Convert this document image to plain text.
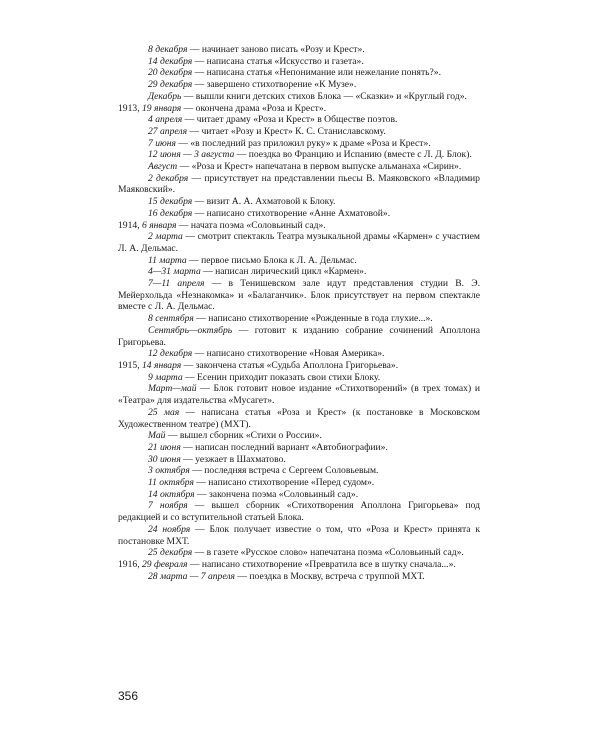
8 декабря — начинает заново писать «Розу и Крест».

14 декабря — написана статья «Искусство и газета».

20 декабря — написана статья «Непонимание или нежелание понять?».

29 декабря — завершено стихотворение «К Музе».

Декабрь — вышли книги детских стихов Блока — «Сказки» и «Круглый год».

1913, 19 января — окончена драма «Роза и Крест».

4 апреля — читает драму «Роза и Крест» в Обществе поэтов.

27 апреля — читает «Розу и Крест» К. С. Станиславскому.

7 июня — «в последний раз приложил руку» к драме «Роза и Крест».

12 июня — 3 августа — поездка во Францию и Испанию (вместе с Л. Д. Блок).

Август — «Роза и Крест» напечатана в первом выпуске альманаха «Сирин».

2 декабря — присутствует на представлении пьесы В. Маяковского «Владимир Маяковский».

15 декабря — визит А. А. Ахматовой к Блоку.

16 декабря — написано стихотворение «Анне Ахматовой».

1914, 6 января — начата поэма «Соловьиный сад».

2 марта — смотрит спектакль Театра музыкальной драмы «Кармен» с участием Л. А. Дельмас.

11 марта — первое письмо Блока к Л. А. Дельмас.

4—31 марта — написан лирический цикл «Кармен».

7—11 апреля — в Тенишевском зале идут представления студии В. Э. Мейерхольда «Незнакомка» и «Балаганчик». Блок присутствует на первом спектакле вместе с Л. А. Дельмас.

8 сентября — написано стихотворение «Рожденные в года глухие...».

Сентябрь—октябрь — готовит к изданию собрание сочинений Аполлона Григорьева.

12 декабря — написано стихотворение «Новая Америка».

1915, 14 января — закончена статья «Судьба Аполлона Григорьева».

9 марта — Есенин приходит показать свои стихи Блоку.

Март—май — Блок готовит новое издание «Стихотворений» (в трех томах) и «Театра» для издательства «Мусагет».

25 мая — написана статья «Роза и Крест» (к постановке в Московском Художественном театре) (МХТ).

Май — вышел сборник «Стихи о России».

21 июня — написан последний вариант «Автобиографии».

30 июня — уезжает в Шахматово.

3 октября — последняя встреча с Сергеем Соловьевым.

11 октября — написано стихотворение «Перед судом».

14 октября — закончена поэма «Соловьиный сад».

7 ноября — вышел сборник «Стихотворения Аполлона Григорьева» под редакцией и со вступительной статьей Блока.

24 ноября — Блок получает известие о том, что «Роза и Крест» принята к постановке МХТ.

25 декабря — в газете «Русское слово» напечатана поэма «Соловьиный сад».

1916, 29 февраля — написано стихотворение «Превратила все в шутку сначала...».

28 марта — 7 апреля — поездка в Москву, встреча с труппой МХТ.

356
